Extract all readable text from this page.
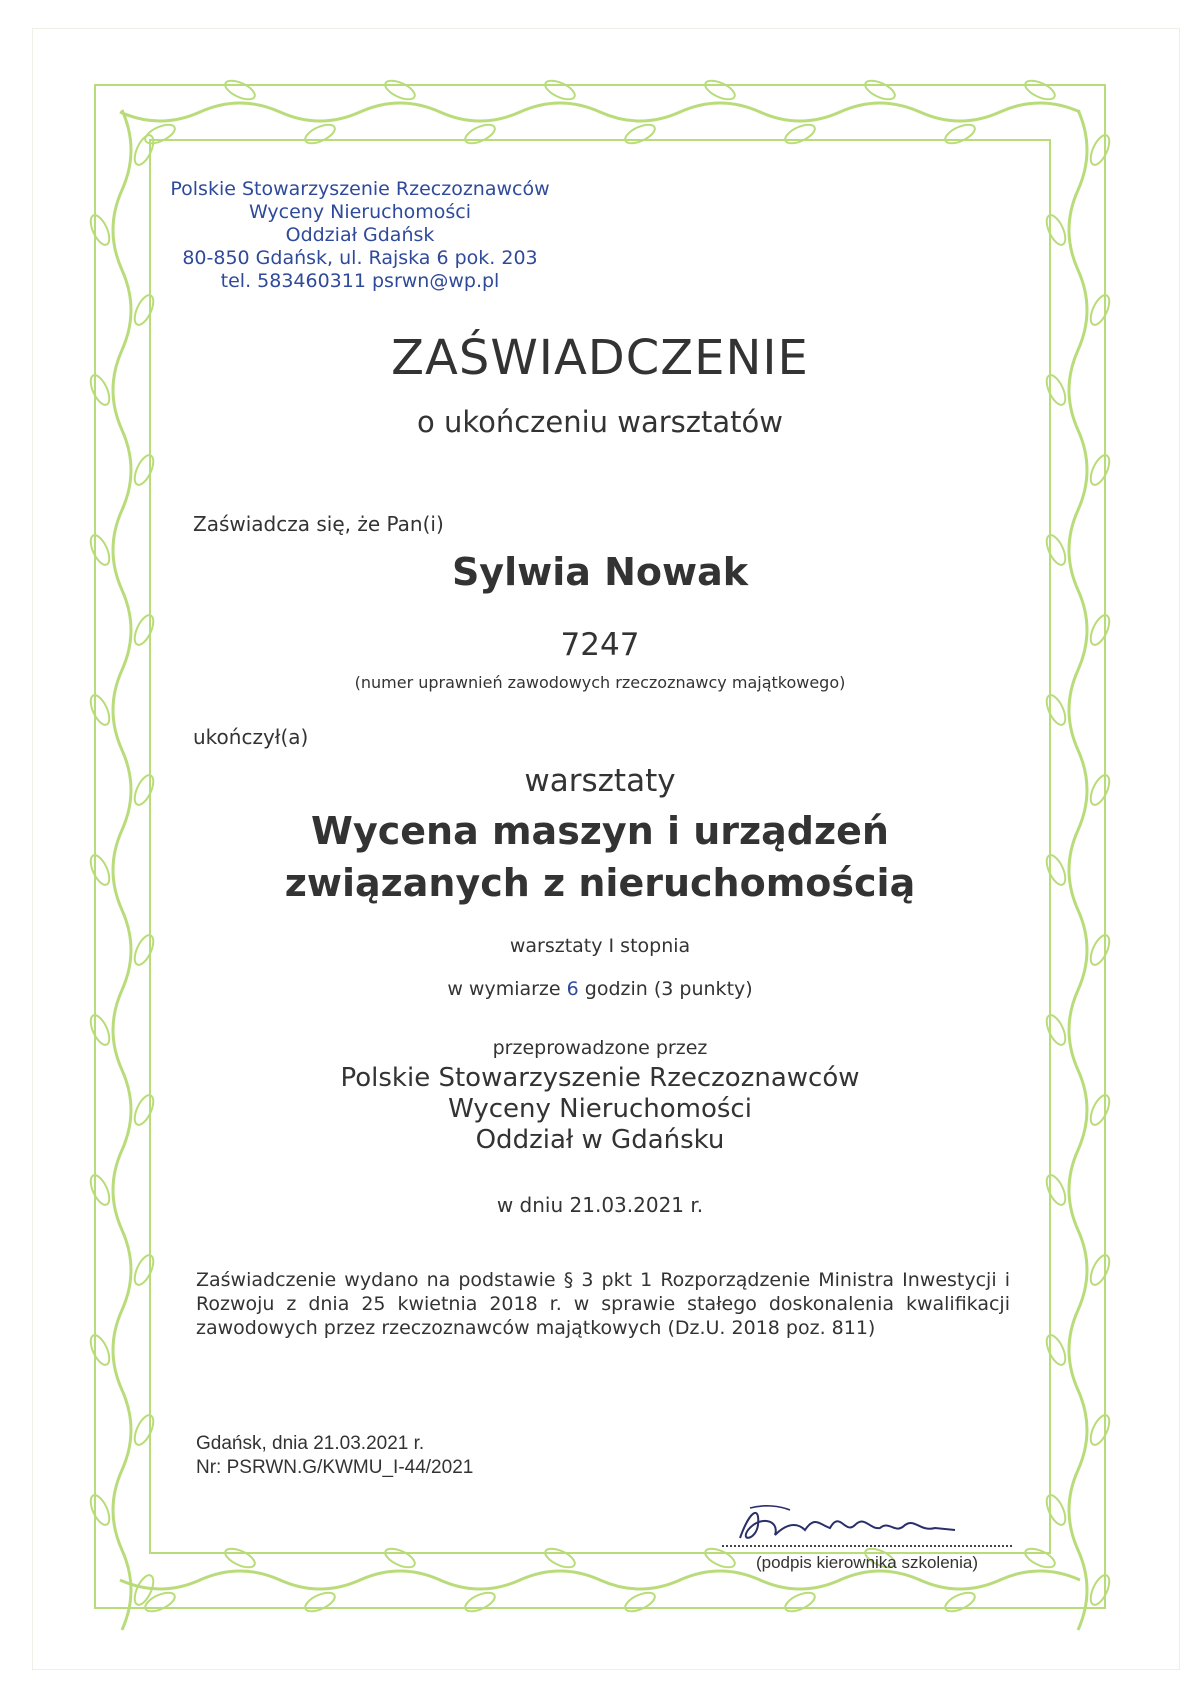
Polskie Stowarzyszenie Rzeczoznawców
Wyceny Nieruchomości
Oddział Gdańsk
80-850 Gdańsk, ul. Rajska 6 pok. 203
tel. 583460311 psrwn@wp.pl
ZAŚWIADCZENIE
o ukończeniu warsztatów
Zaświadcza się, że Pan(i)
Sylwia Nowak
7247
(numer uprawnień zawodowych rzeczoznawcy majątkowego)
ukończył(a)
warsztaty
Wycena maszyn i urządzeń
związanych z nieruchomością
warsztaty I stopnia
w wymiarze 6 godzin (3 punkty)
przeprowadzone przez
Polskie Stowarzyszenie Rzeczoznawców
Wyceny Nieruchomości
Oddział w Gdańsku
w dniu 21.03.2021 r.
Zaświadczenie wydano na podstawie § 3 pkt 1 Rozporządzenie Ministra Inwestycji i Rozwoju z dnia 25 kwietnia 2018 r. w sprawie stałego doskonalenia kwalifikacji zawodowych przez rzeczoznawców majątkowych (Dz.U. 2018 poz. 811)
Gdańsk, dnia 21.03.2021 r.
Nr: PSRWN.G/KWMU_I-44/2021
(podpis kierownika szkolenia)
